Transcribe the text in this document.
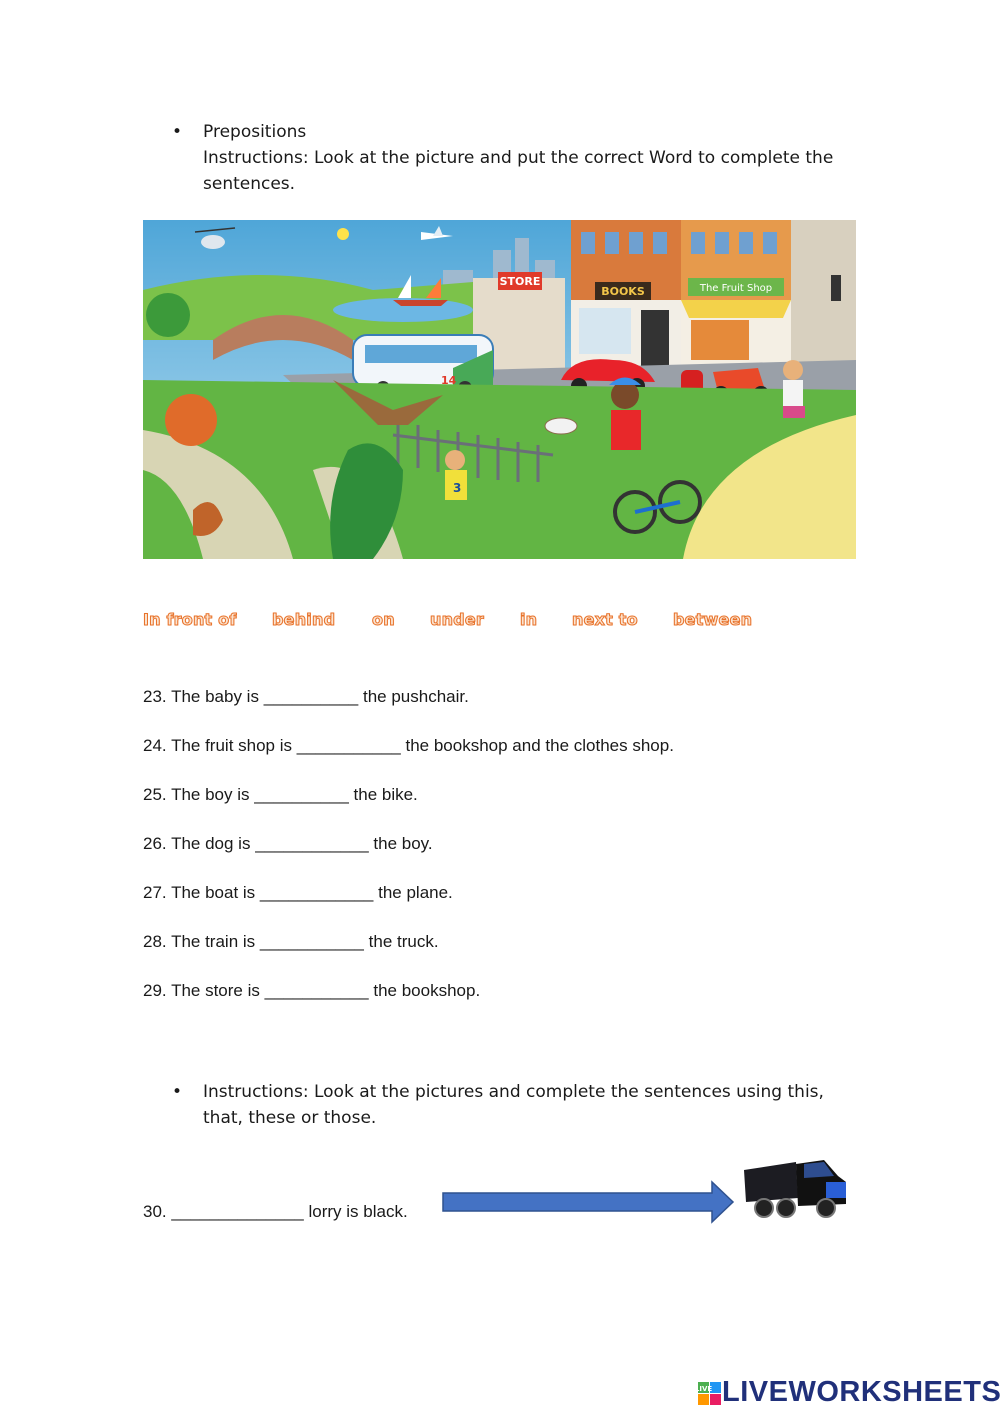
• Prepositions
Instructions: Look at the picture and put the correct Word to complete the sentences.
STORE
BOOKS	The Fruit Shop
14
3
In front of behind on under in next to between
23. The baby is __________ the pushchair.
24. The fruit shop is ___________ the bookshop and the clothes shop.
25. The boy is __________ the bike.
26. The dog is ____________ the boy.
27. The boat is ____________ the plane.
28. The train is ___________ the truck.
29. The store is ___________ the bookshop.
• Instructions: Look at the pictures and complete the sentences using this, that, these or those.
30. ______________ lorry is black.
LIVE LIVEWORKSHEETS
